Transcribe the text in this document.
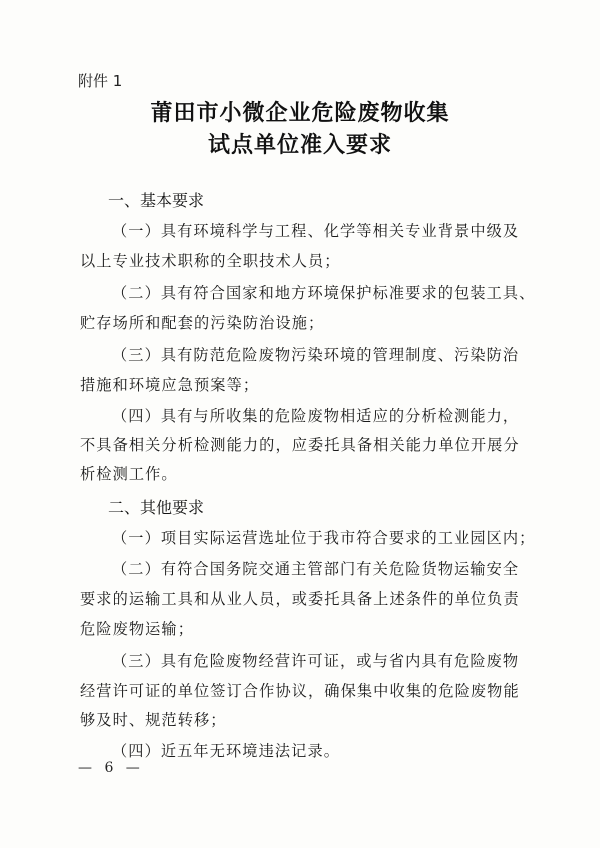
附件 1
莆田市小微企业危险废物收集
试点单位准入要求
一、基本要求
（一）具有环境科学与工程、化学等相关专业背景中级及
以上专业技术职称的全职技术人员；
（二）具有符合国家和地方环境保护标准要求的包装工具、
贮存场所和配套的污染防治设施；
（三）具有防范危险废物污染环境的管理制度、污染防治
措施和环境应急预案等；
（四）具有与所收集的危险废物相适应的分析检测能力，
不具备相关分析检测能力的，应委托具备相关能力单位开展分
析检测工作。
二、其他要求
（一）项目实际运营选址位于我市符合要求的工业园区内；
（二）有符合国务院交通主管部门有关危险货物运输安全
要求的运输工具和从业人员，或委托具备上述条件的单位负责
危险废物运输；
（三）具有危险废物经营许可证，或与省内具有危险废物
经营许可证的单位签订合作协议，确保集中收集的危险废物能
够及时、规范转移；
（四）近五年无环境违法记录。
— 6 —
